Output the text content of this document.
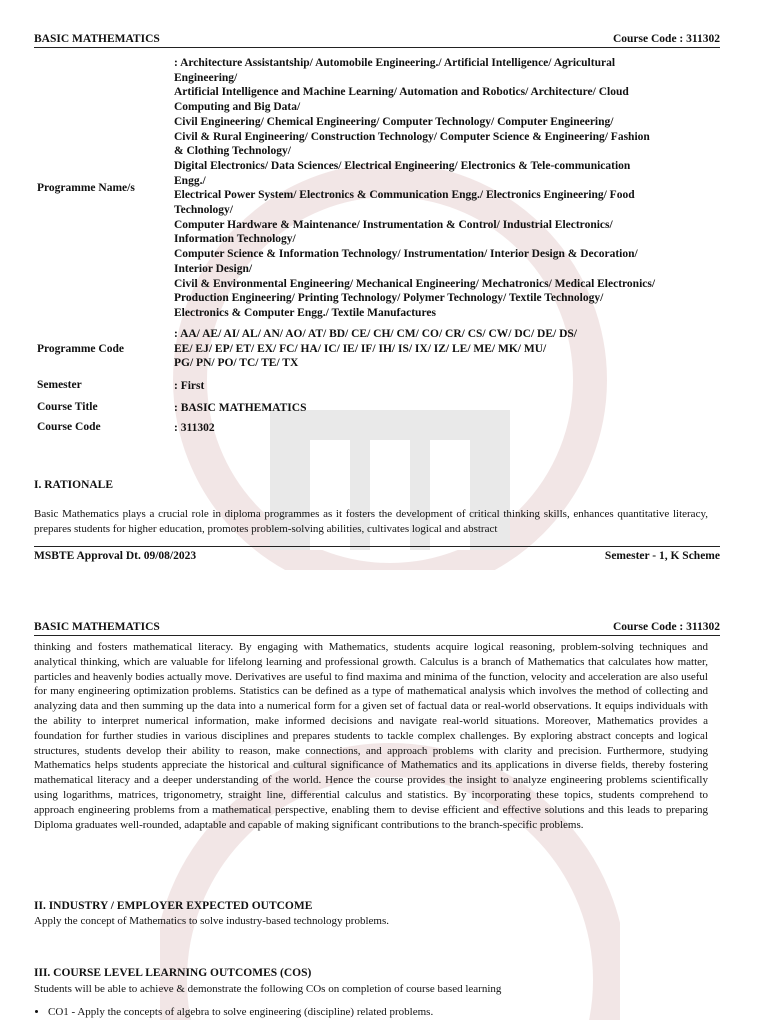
BASIC MATHEMATICS	Course Code : 311302
Programme Name/s
: Architecture Assistantship/ Automobile Engineering./ Artificial Intelligence/ Agricultural
Engineering/
Artificial Intelligence and Machine Learning/ Automation and Robotics/ Architecture/ Cloud
Computing and Big Data/
Civil Engineering/ Chemical Engineering/ Computer Technology/ Computer Engineering/
Civil & Rural Engineering/ Construction Technology/ Computer Science & Engineering/ Fashion
& Clothing Technology/
Digital Electronics/ Data Sciences/ Electrical Engineering/ Electronics & Tele-communication
Engg./
Electrical Power System/ Electronics & Communication Engg./ Electronics Engineering/ Food
Technology/
Computer Hardware & Maintenance/ Instrumentation & Control/ Industrial Electronics/
Information Technology/
Computer Science & Information Technology/ Instrumentation/ Interior Design & Decoration/
Interior Design/
Civil & Environmental Engineering/ Mechanical Engineering/ Mechatronics/ Medical Electronics/
Production Engineering/ Printing Technology/ Polymer Technology/ Textile Technology/
Electronics & Computer Engg./ Textile Manufactures
Programme Code
: AA/ AE/ AI/ AL/ AN/ AO/ AT/ BD/ CE/ CH/ CM/ CO/ CR/ CS/ CW/ DC/ DE/ DS/
EE/ EJ/ EP/ ET/ EX/ FC/ HA/ IC/ IE/ IF/ IH/ IS/ IX/ IZ/ LE/ ME/ MK/ MU/
PG/ PN/ PO/ TC/ TE/ TX
Semester	: First
Course Title	: BASIC MATHEMATICS
Course Code	: 311302
I. RATIONALE
Basic Mathematics plays a crucial role in diploma programmes as it fosters the development of critical thinking skills, enhances quantitative literacy, prepares students for higher education, promotes problem-solving abilities, cultivates logical and abstract
MSBTE Approval Dt. 09/08/2023	Semester - 1, K Scheme
BASIC MATHEMATICS	Course Code : 311302
thinking and fosters mathematical literacy. By engaging with Mathematics, students acquire logical reasoning, problem-solving techniques and analytical thinking, which are valuable for lifelong learning and professional growth. Calculus is a branch of Mathematics that calculates how matter, particles and heavenly bodies actually move. Derivatives are useful to find maxima and minima of the function, velocity and acceleration are also useful for many engineering optimization problems. Statistics can be defined as a type of mathematical analysis which involves the method of collecting and analyzing data and then summing up the data into a numerical form for a given set of factual data or real-world observations. It equips individuals with the ability to interpret numerical information, make informed decisions and navigate real-world situations. Moreover, Mathematics provides a foundation for further studies in various disciplines and prepares students to tackle complex challenges. By exploring abstract concepts and logical structures, students develop their ability to reason, make connections, and approach problems with clarity and precision. Furthermore, studying Mathematics helps students appreciate the historical and cultural significance of Mathematics and its applications in diverse fields, thereby fostering mathematical literacy and a deeper understanding of the world. Hence the course provides the insight to analyze engineering problems scientifically using logarithms, matrices, trigonometry, straight line, differential calculus and statistics. By incorporating these topics, students comprehend to approach engineering problems from a mathematical perspective, enabling them to devise efficient and effective solutions and this leads to preparing Diploma graduates well-rounded, adaptable and capable of making significant contributions to the branch-specific problems.
II. INDUSTRY / EMPLOYER EXPECTED OUTCOME
Apply the concept of Mathematics to solve industry-based technology problems.
III. COURSE LEVEL LEARNING OUTCOMES (COS)
Students will be able to achieve & demonstrate the following COs on completion of course based learning
• CO1 - Apply the concepts of algebra to solve engineering (discipline) related problems.
